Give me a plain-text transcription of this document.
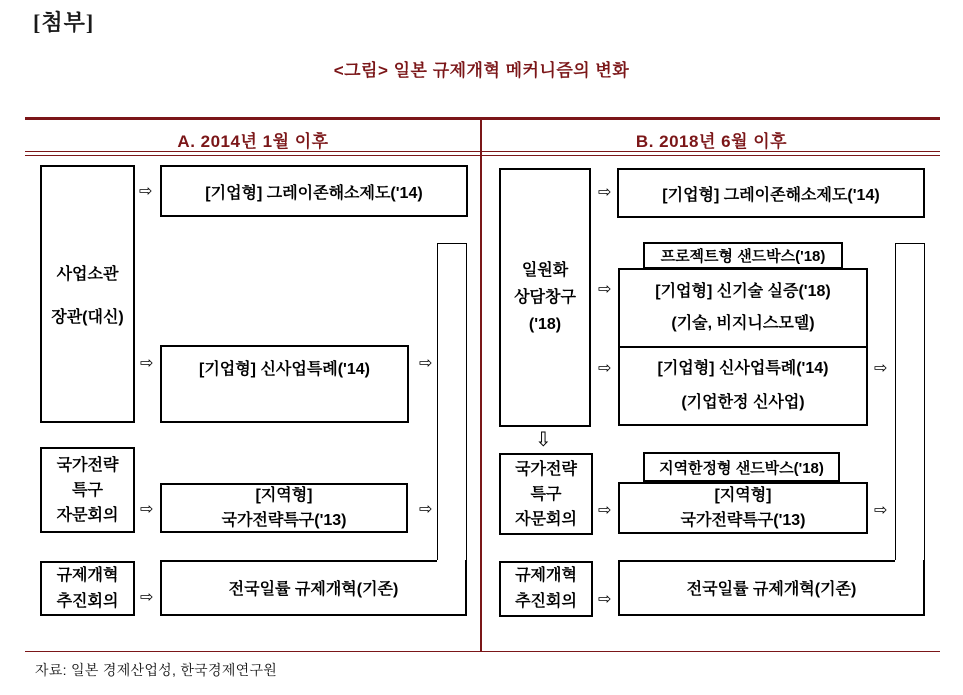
[첨부]
<그림> 일본 규제개혁 메커니즘의 변화
A. 2014년 1월 이후	B. 2018년 6월 이후
사업소관
장관(대신)
[기업형] 그레이존해소제도('14)
[기업형] 신사업특례('14)
국가전략
특구
자문회의
[지역형]
국가전략특구('13)
규제개혁
추진회의
전국일률 규제개혁(기존)
⇨
⇨	⇨
⇨	⇨
⇨
일원화
상담창구
('18)
[기업형] 그레이존해소제도('14)
프로젝트형 샌드박스('18)
[기업형] 신기술 실증('18)
(기술, 비지니스모델)
[기업형] 신사업특례('14)
(기업한정 신사업)
국가전략
특구
자문회의
지역한정형 샌드박스('18)
[지역형]
국가전략특구('13)
규제개혁
추진회의
전국일률 규제개혁(기존)
⇨
⇨
⇨	⇨
⇨	⇨
⇨
⇩
자료: 일본 경제산업성, 한국경제연구원
